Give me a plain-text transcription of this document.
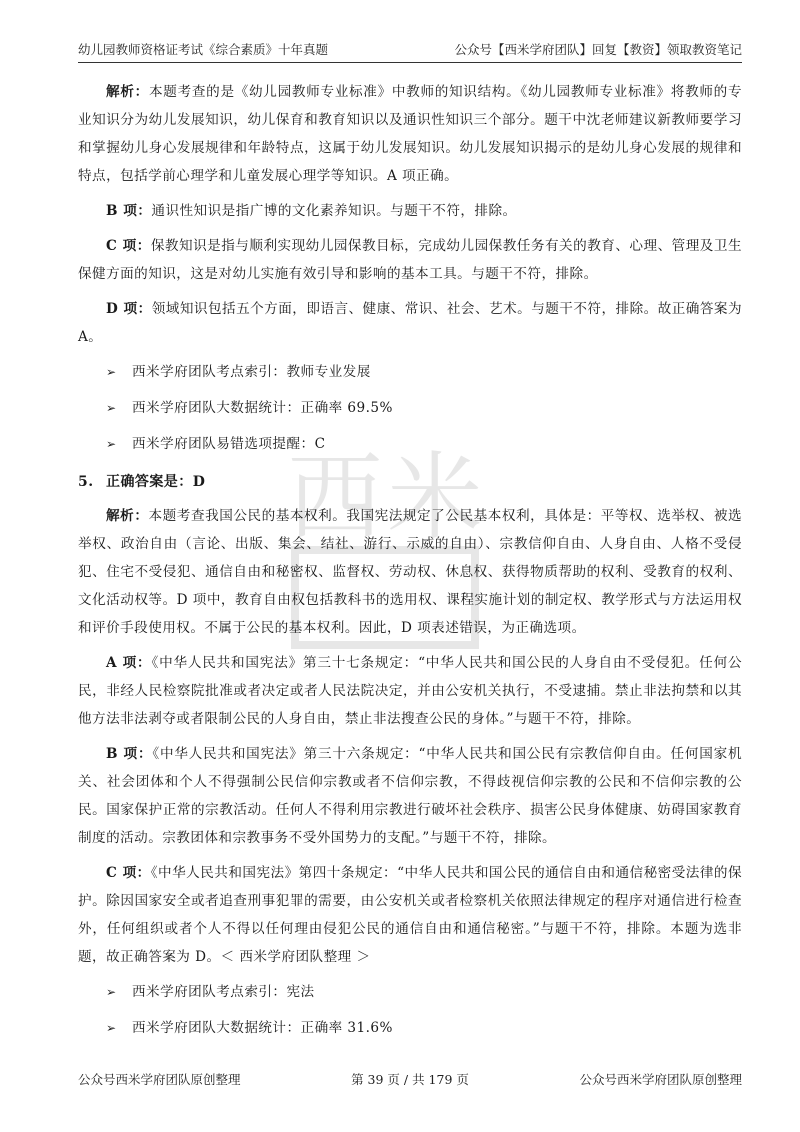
幼儿园教师资格证考试《综合素质》十年真题	公众号【西米学府团队】回复【教资】领取教资笔记
西 米

解析：本题考查的是《幼儿园教师专业标准》中教师的知识结构。《幼儿园教师专业标准》将教师的专业知识分为幼儿发展知识，幼儿保育和教育知识以及通识性知识三个部分。题干中沈老师建议新教师要学习和掌握幼儿身心发展规律和年龄特点，这属于幼儿发展知识。幼儿发展知识揭示的是幼儿身心发展的规律和特点，包括学前心理学和儿童发展心理学等知识。A 项正确。

B 项：通识性知识是指广博的文化素养知识。与题干不符，排除。

C 项：保教知识是指与顺利实现幼儿园保教目标，完成幼儿园保教任务有关的教育、心理、管理及卫生保健方面的知识，这是对幼儿实施有效引导和影响的基本工具。与题干不符，排除。

D 项：领域知识包括五个方面，即语言、健康、常识、社会、艺术。与题干不符，排除。故正确答案为 A。

➢ 西米学府团队考点索引：教师专业发展
➢ 西米学府团队大数据统计：正确率 69.5%
➢ 西米学府团队易错选项提醒：C
5. 正确答案是：D

解析：本题考查我国公民的基本权利。我国宪法规定了公民基本权利，具体是：平等权、选举权、被选举权、政治自由（言论、出版、集会、结社、游行、示威的自由）、宗教信仰自由、人身自由、人格不受侵犯、住宅不受侵犯、通信自由和秘密权、监督权、劳动权、休息权、获得物质帮助的权利、受教育的权利、文化活动权等。D 项中，教育自由权包括教科书的选用权、课程实施计划的制定权、教学形式与方法运用权和评价手段使用权。不属于公民的基本权利。因此，D 项表述错误，为正确选项。

A 项：《中华人民共和国宪法》第三十七条规定：“中华人民共和国公民的人身自由不受侵犯。任何公民，非经人民检察院批准或者决定或者人民法院决定，并由公安机关执行，不受逮捕。禁止非法拘禁和以其他方法非法剥夺或者限制公民的人身自由，禁止非法搜查公民的身体。”与题干不符，排除。

B 项：《中华人民共和国宪法》第三十六条规定：“中华人民共和国公民有宗教信仰自由。任何国家机关、社会团体和个人不得强制公民信仰宗教或者不信仰宗教，不得歧视信仰宗教的公民和不信仰宗教的公民。国家保护正常的宗教活动。任何人不得利用宗教进行破坏社会秩序、损害公民身体健康、妨碍国家教育制度的活动。宗教团体和宗教事务不受外国势力的支配。”与题干不符，排除。

C 项：《中华人民共和国宪法》第四十条规定：“中华人民共和国公民的通信自由和通信秘密受法律的保护。除因国家安全或者追查刑事犯罪的需要，由公安机关或者检察机关依照法律规定的程序对通信进行检查外，任何组织或者个人不得以任何理由侵犯公民的通信自由和通信秘密。”与题干不符，排除。本题为选非题，故正确答案为 D。＜ 西米学府团队整理 ＞

➢ 西米学府团队考点索引：宪法
➢ 西米学府团队大数据统计：正确率 31.6%
公众号西米学府团队原创整理	第 39 页 / 共 179 页	公众号西米学府团队原创整理
